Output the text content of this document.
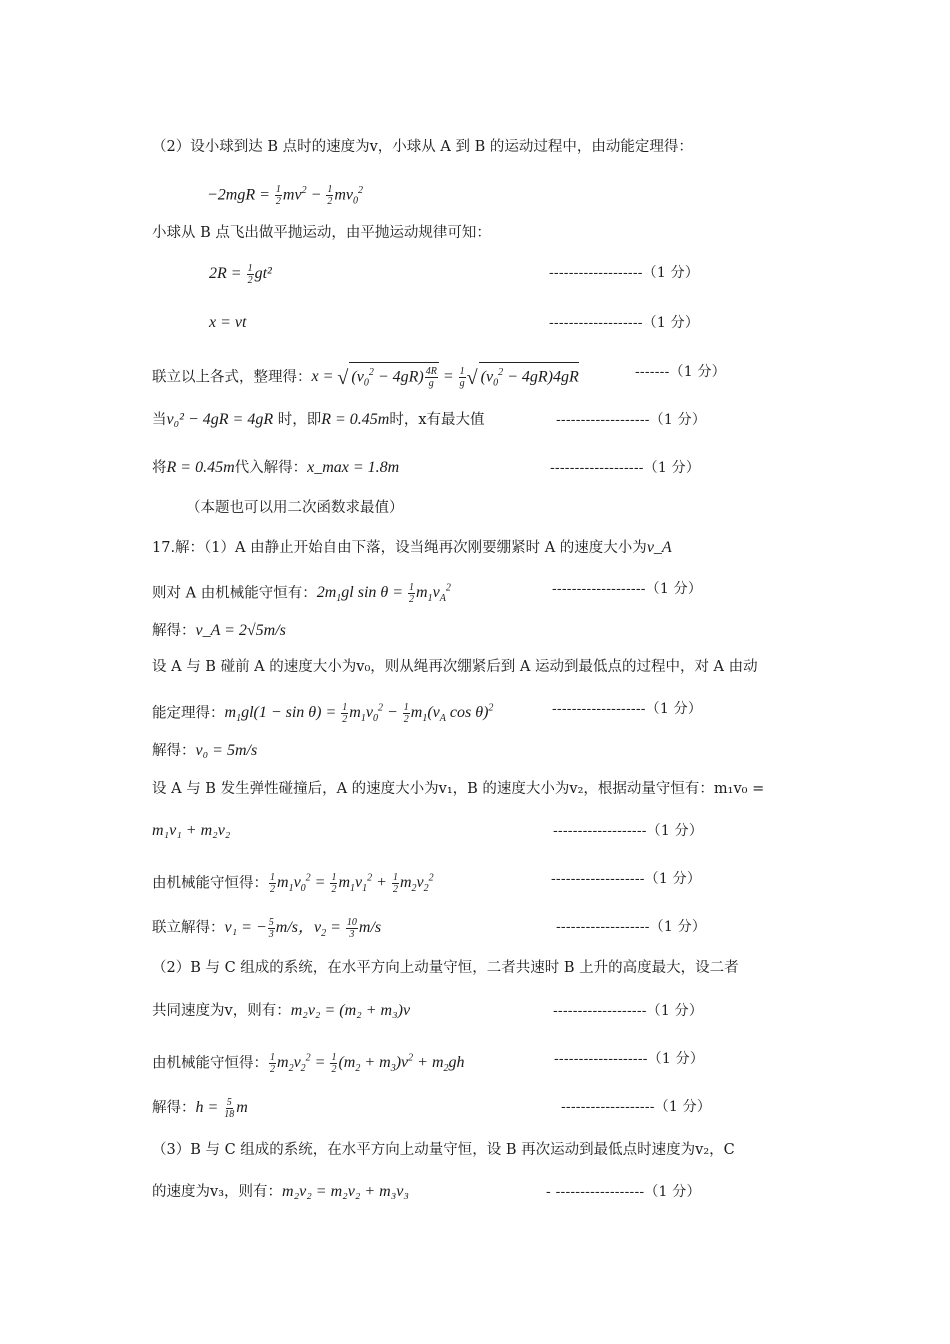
（2）设小球到达 B 点时的速度为v，小球从 A 到 B 的运动过程中，由动能定理得：
$-2mgR = \frac{1}{2} mv^2 - \frac{1}{2} mv_0^2$
小球从 B 点飞出做平抛运动，由平抛运动规律可知：
$2R = \frac{1}{2} gt^2$	-------------------（1 分）
x = vt	-------------------（1 分）
联立以上各式，整理得：x = √ $(v_0^2 - 4gR) \frac{4R}{g} = \frac{1}{g}$ √ $(v_0^2 - 4gR)4gR$	-------（1 分）
当v₀² − 4gR = 4gR 时，即R = 0.45m时，x有最大值	-------------------（1 分）
将R = 0.45m代入解得：x_max = 1.8m	-------------------（1 分）
（本题也可以用二次函数求最值）
17.解：（1）A 由静止开始自由下落，设当绳再次刚要绷紧时 A 的速度大小为v_A
则对 A 由机械能守恒有：$2m_1gl$ $\sin \theta = \frac{1}{2} m_1v_A^2$	-------------------（1 分）
解得：v_A = 2√5m/s
设 A 与 B 碰前 A 的速度大小为v₀，则从绳再次绷紧后到 A 运动到最低点的过程中，对 A 由动
能定理得：$m_1gl(1 - \sin \theta) = \frac{1}{2} m_1v_0^2 - \frac{1}{2} m_1(v_A$ cos θ)$^2$	-------------------（1 分）
解得：v₀ = 5m/s
设 A 与 B 发生弹性碰撞后，A 的速度大小为v₁，B 的速度大小为v₂，根据动量守恒有：m₁v₀ =
m₁v₁ + m₂v₂	-------------------（1 分）
由机械能守恒得： $\frac{1}{2} m_1v_0^2 = \frac{1}{2} m_1v_1^2 + \frac{1}{2} m_2v_2^2$	-------------------（1 分）
联立解得：v₁ = − $\frac{5}{3} m/s$，$v_2 = \frac{10}{3} m/s$	-------------------（1 分）
（2）B 与 C 组成的系统，在水平方向上动量守恒，二者共速时 B 上升的高度最大，设二者
共同速度为v，则有：m₂v₂ = (m₂ + m₃)v	-------------------（1 分）
由机械能守恒得： $\frac{1}{2} m_2v_2^2 = \frac{1}{2} (m_2 + m_3)v^2 + m_2gh$	-------------------（1 分）
解得：$h = \frac{5}{18}$ m	-------------------（1 分）
（3）B 与 C 组成的系统，在水平方向上动量守恒，设 B 再次运动到最低点时速度为v₂，C
的速度为v₃，则有：m₂v₂ = m₂v₂ + m₃v₃	- ------------------（1 分）
